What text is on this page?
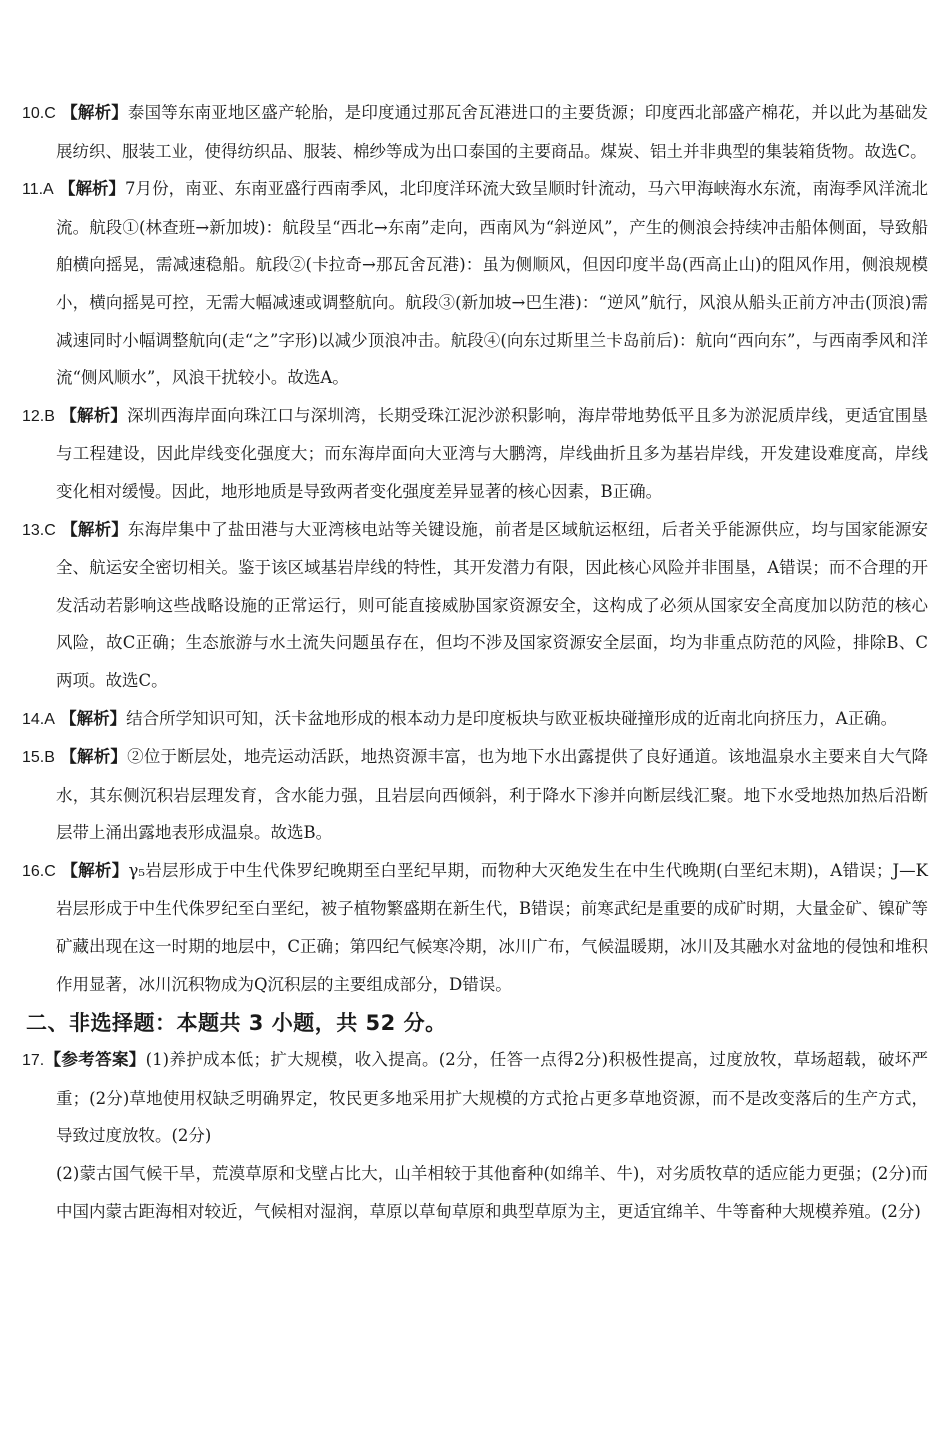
10.C 【解析】泰国等东南亚地区盛产轮胎，是印度通过那瓦舍瓦港进口的主要货源；印度西北部盛产棉花，并以此为基础发展纺织、服装工业，使得纺织品、服装、棉纱等成为出口泰国的主要商品。煤炭、铝土并非典型的集装箱货物。故选C。

11.A 【解析】7月份，南亚、东南亚盛行西南季风，北印度洋环流大致呈顺时针流动，马六甲海峡海水东流，南海季风洋流北流。航段①(林查班→新加坡)：航段呈“西北→东南”走向，西南风为“斜逆风”，产生的侧浪会持续冲击船体侧面，导致船舶横向摇晃，需减速稳船。航段②(卡拉奇→那瓦舍瓦港)：虽为侧顺风，但因印度半岛(西高止山)的阻风作用，侧浪规模小，横向摇晃可控，无需大幅减速或调整航向。航段③(新加坡→巴生港)：“逆风”航行，风浪从船头正前方冲击(顶浪)需减速同时小幅调整航向(走“之”字形)以减少顶浪冲击。航段④(向东过斯里兰卡岛前后)：航向“西向东”，与西南季风和洋流“侧风顺水”，风浪干扰较小。故选A。

12.B 【解析】深圳西海岸面向珠江口与深圳湾，长期受珠江泥沙淤积影响，海岸带地势低平且多为淤泥质岸线，更适宜围垦与工程建设，因此岸线变化强度大；而东海岸面向大亚湾与大鹏湾，岸线曲折且多为基岩岸线，开发建设难度高，岸线变化相对缓慢。因此，地形地质是导致两者变化强度差异显著的核心因素，B正确。

13.C 【解析】东海岸集中了盐田港与大亚湾核电站等关键设施，前者是区域航运枢纽，后者关乎能源供应，均与国家能源安全、航运安全密切相关。鉴于该区域基岩岸线的特性，其开发潜力有限，因此核心风险并非围垦，A错误；而不合理的开发活动若影响这些战略设施的正常运行，则可能直接威胁国家资源安全，这构成了必须从国家安全高度加以防范的核心风险，故C正确；生态旅游与水土流失问题虽存在，但均不涉及国家资源安全层面，均为非重点防范的风险，排除B、C两项。故选C。

14.A 【解析】结合所学知识可知，沃卡盆地形成的根本动力是印度板块与欧亚板块碰撞形成的近南北向挤压力，A正确。

15.B 【解析】②位于断层处，地壳运动活跃，地热资源丰富，也为地下水出露提供了良好通道。该地温泉水主要来自大气降水，其东侧沉积岩层理发育，含水能力强，且岩层向西倾斜，利于降水下渗并向断层线汇聚。地下水受地热加热后沿断层带上涌出露地表形成温泉。故选B。

16.C 【解析】γ₅岩层形成于中生代侏罗纪晚期至白垩纪早期，而物种大灭绝发生在中生代晚期(白垩纪末期)，A错误；J—K岩层形成于中生代侏罗纪至白垩纪，被子植物繁盛期在新生代，B错误；前寒武纪是重要的成矿时期，大量金矿、镍矿等矿藏出现在这一时期的地层中，C正确；第四纪气候寒冷期，冰川广布，气候温暖期，冰川及其融水对盆地的侵蚀和堆积作用显著，冰川沉积物成为Q沉积层的主要组成部分，D错误。

二、非选择题：本题共 3 小题，共 52 分。

17.【参考答案】(1)养护成本低；扩大规模，收入提高。(2分，任答一点得2分)积极性提高，过度放牧，草场超载，破坏严重；(2分)草地使用权缺乏明确界定，牧民更多地采用扩大规模的方式抢占更多草地资源，而不是改变落后的生产方式，导致过度放牧。(2分)

(2)蒙古国气候干旱，荒漠草原和戈壁占比大，山羊相较于其他畜种(如绵羊、牛)，对劣质牧草的适应能力更强；(2分)而中国内蒙古距海相对较近，气候相对湿润，草原以草甸草原和典型草原为主，更适宜绵羊、牛等畜种大规模养殖。(2分)
